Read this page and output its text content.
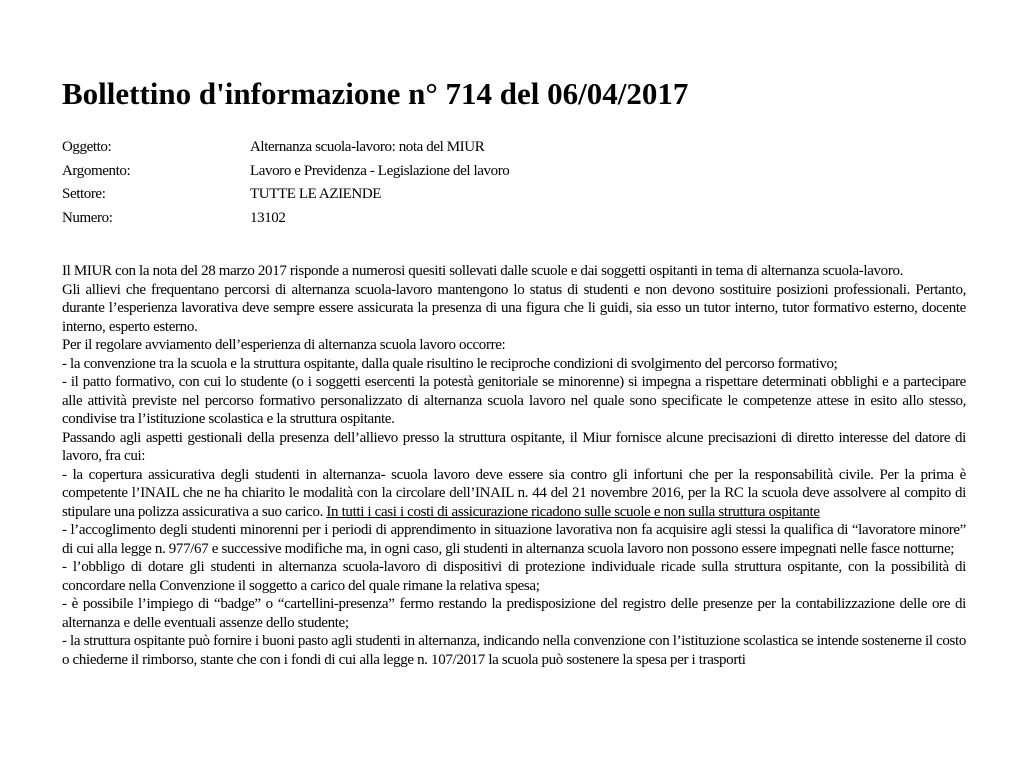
Bollettino d'informazione n° 714 del 06/04/2017
Oggetto:	Alternanza scuola-lavoro: nota del MIUR
Argomento:	Lavoro e Previdenza - Legislazione del lavoro
Settore:	TUTTE LE AZIENDE
Numero:	13102

Il MIUR con la nota del 28 marzo 2017 risponde a numerosi quesiti sollevati dalle scuole e dai soggetti ospitanti in tema di alternanza scuola-lavoro.

Gli allievi che frequentano percorsi di alternanza scuola-lavoro mantengono lo status di studenti e non devono sostituire posizioni professionali. Pertanto, durante l’esperienza lavorativa deve sempre essere assicurata la presenza di una figura che li guidi, sia esso un tutor interno, tutor formativo esterno, docente interno, esperto esterno.

Per il regolare avviamento dell’esperienza di alternanza scuola lavoro occorre:

- la convenzione tra la scuola e la struttura ospitante, dalla quale risultino le reciproche condizioni di svolgimento del percorso formativo;

- il patto formativo, con cui lo studente (o i soggetti esercenti la potestà genitoriale se minorenne) si impegna a rispettare determinati obblighi e a partecipare alle attività previste nel percorso formativo personalizzato di alternanza scuola lavoro nel quale sono specificate le competenze attese in esito allo stesso, condivise tra l’istituzione scolastica e la struttura ospitante.

Passando agli aspetti gestionali della presenza dell’allievo presso la struttura ospitante, il Miur fornisce alcune precisazioni di diretto interesse del datore di lavoro, fra cui:

- la copertura assicurativa degli studenti in alternanza- scuola lavoro deve essere sia contro gli infortuni che per la responsabilità civile. Per la prima è competente l’INAIL che ne ha chiarito le modalità con la circolare dell’INAIL n. 44 del 21 novembre 2016, per la RC la scuola deve assolvere al compito di stipulare una polizza assicurativa a suo carico. In tutti i casi i costi di assicurazione ricadono sulle scuole e non sulla struttura ospitante

- l’accoglimento degli studenti minorenni per i periodi di apprendimento in situazione lavorativa non fa acquisire agli stessi la qualifica di “lavoratore minore” di cui alla legge n. 977/67 e successive modifiche ma, in ogni caso, gli studenti in alternanza scuola lavoro non possono essere impegnati nelle fasce notturne;

- l’obbligo di dotare gli studenti in alternanza scuola-lavoro di dispositivi di protezione individuale ricade sulla struttura ospitante, con la possibilità di concordare nella Convenzione il soggetto a carico del quale rimane la relativa spesa;

- è possibile l’impiego di “badge” o “cartellini-presenza” fermo restando la predisposizione del registro delle presenze per la contabilizzazione delle ore di alternanza e delle eventuali assenze dello studente;

- la struttura ospitante può fornire i buoni pasto agli studenti in alternanza, indicando nella convenzione con l’istituzione scolastica se intende sostenerne il costo o chiederne il rimborso, stante che con i fondi di cui alla legge n. 107/2017 la scuola può sostenere la spesa per i trasporti
